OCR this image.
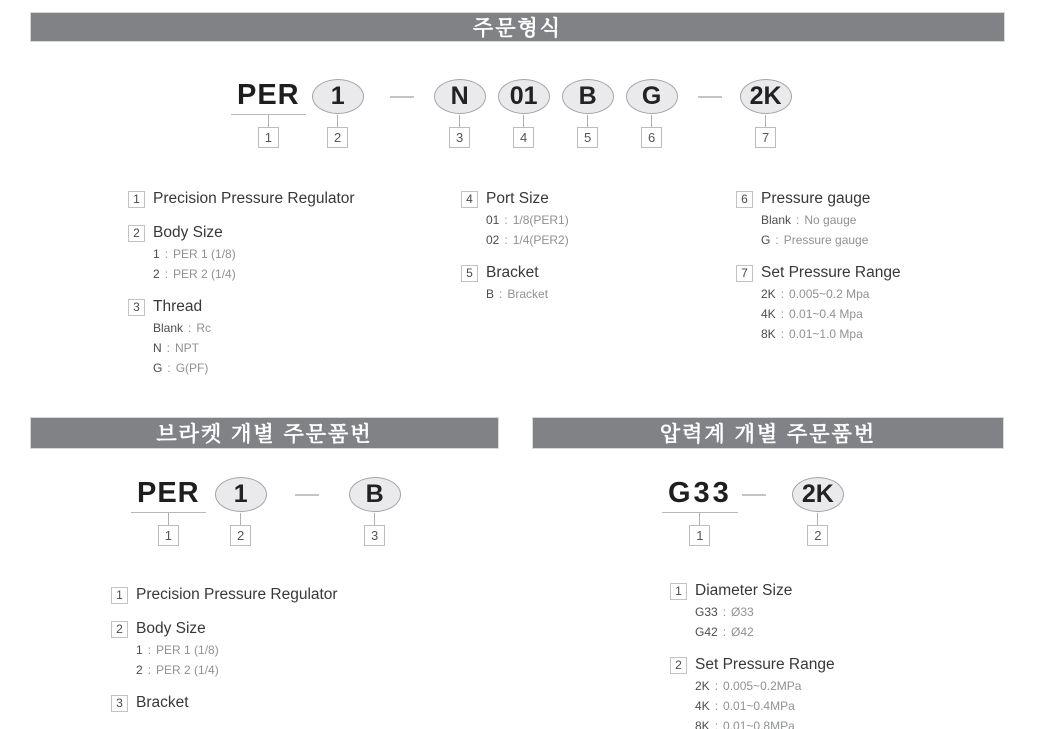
주문형식
PER
1
1
2
N
3
01
4
B
5
G
6
2K
7
1 Precision Pressure Regulator
2 Body Size
1 : PER 1 (1/8)
2 : PER 2 (1/4)
3 Thread
Blank : Rc
N : NPT
G : G(PF)
4 Port Size
01 : 1/8(PER1)
02 : 1/4(PER2)
5 Bracket
B : Bracket
6 Pressure gauge
Blank : No gauge
G : Pressure gauge
7 Set Pressure Range
2K : 0.005~0.2 Mpa
4K : 0.01~0.4 Mpa
8K : 0.01~1.0 Mpa
브라켓 개별 주문품번	압력계 개별 주문품번
PER
1
1
2
B
3
G33
1
2K
2
1 Precision Pressure Regulator
2 Body Size
1 : PER 1 (1/8)
2 : PER 2 (1/4)
3 Bracket
1 Diameter Size
G33 : Ø33
G42 : Ø42
2 Set Pressure Range
2K : 0.005~0.2MPa
4K : 0.01~0.4MPa
8K : 0.01~0.8MPa
